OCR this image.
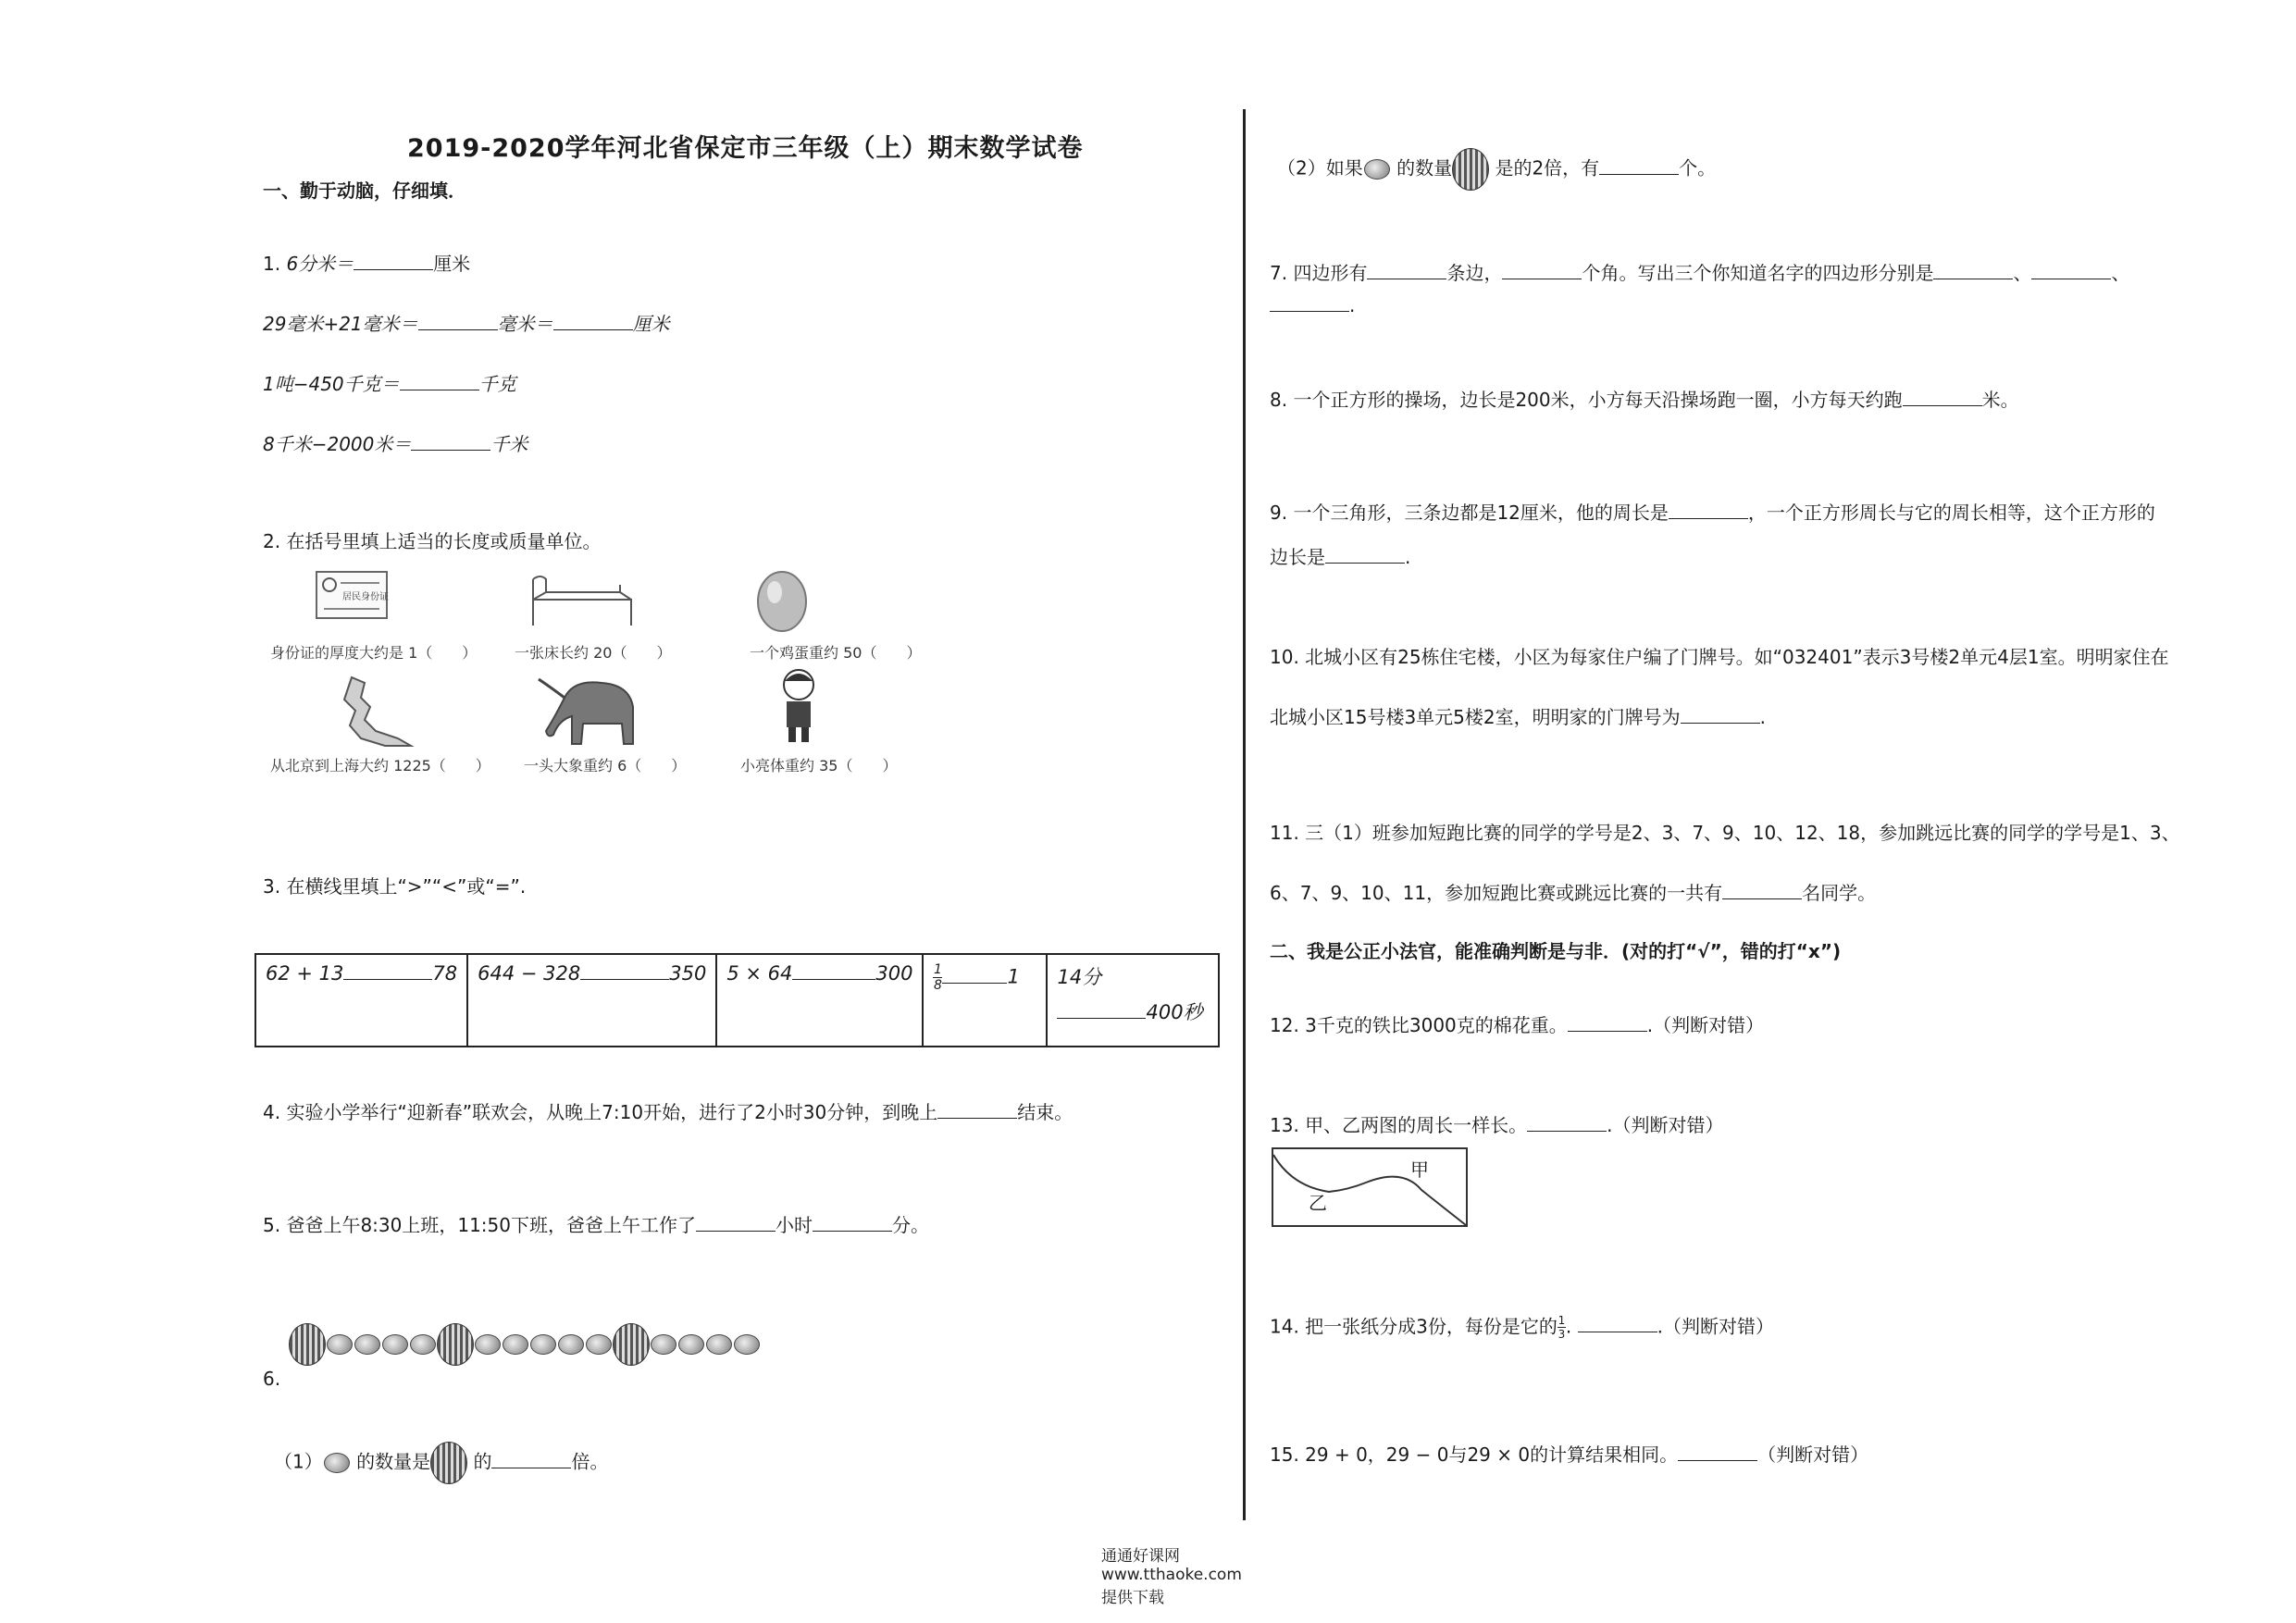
2019-2020学年河北省保定市三年级（上）期末数学试卷
一、勤于动脑，仔细填．
1. 6分米＝	厘米
29毫米+21毫米＝	毫米＝	厘米
1吨−450千克＝	千克
8千米−2000米＝	千米
2. 在括号里填上适当的长度或质量单位。
居民身份证
身份证的厚度大约是 1（　　）	一张床长约 20（　　）	一个鸡蛋重约 50（　　）
从北京到上海大约 1225（　　） 一头大象重约 6（　　）	小亮体重约 35（　　）
3. 在横线里填上“>”“<”或“=”.
62 + 13	78	644 − 328	350	5 × 64	300	$\frac{1}{8}$	1	14分
400秒
4. 实验小学举行“迎新春”联欢会，从晚上7:10开始，进行了2小时30分钟，到晚上	结束。
5. 爸爸上午8:30上班，11:50下班，爸爸上午工作了	小时	分。
6.
（1） 的数量是 的	倍。
通通好课网 www.tthaoke.com 提供下载
（2）如果 的数量 是的2倍，有	个。
7. 四边形有	条边，	个角。写出三个你知道名字的四边形分别是	、	、
.
8. 一个正方形的操场，边长是200米，小方每天沿操场跑一圈，小方每天约跑	米。
9. 一个三角形，三条边都是12厘米，他的周长是	，一个正方形周长与它的周长相等，这个正方形的
边长是	.
10. 北城小区有25栋住宅楼，小区为每家住户编了门牌号。如“032401”表示3号楼2单元4层1室。明明家住在
北城小区15号楼3单元5楼2室，明明家的门牌号为	.
11. 三（1）班参加短跑比赛的同学的学号是2、3、7、9、10、12、18，参加跳远比赛的同学的学号是1、3、
6、7、9、10、11，参加短跑比赛或跳远比赛的一共有	名同学。
二、我是公正小法官，能准确判断是与非．(对的打“√”，错的打“x”)
12. 3千克的铁比3000克的棉花重。	.（判断对错）
13. 甲、乙两图的周长一样长。	.（判断对错）
甲
乙
14. 把一张纸分成3份，每份是它的 $\frac{1}{3}$ .	.（判断对错）
15. 29 + 0，29 − 0与29 × 0的计算结果相同。	（判断对错）
